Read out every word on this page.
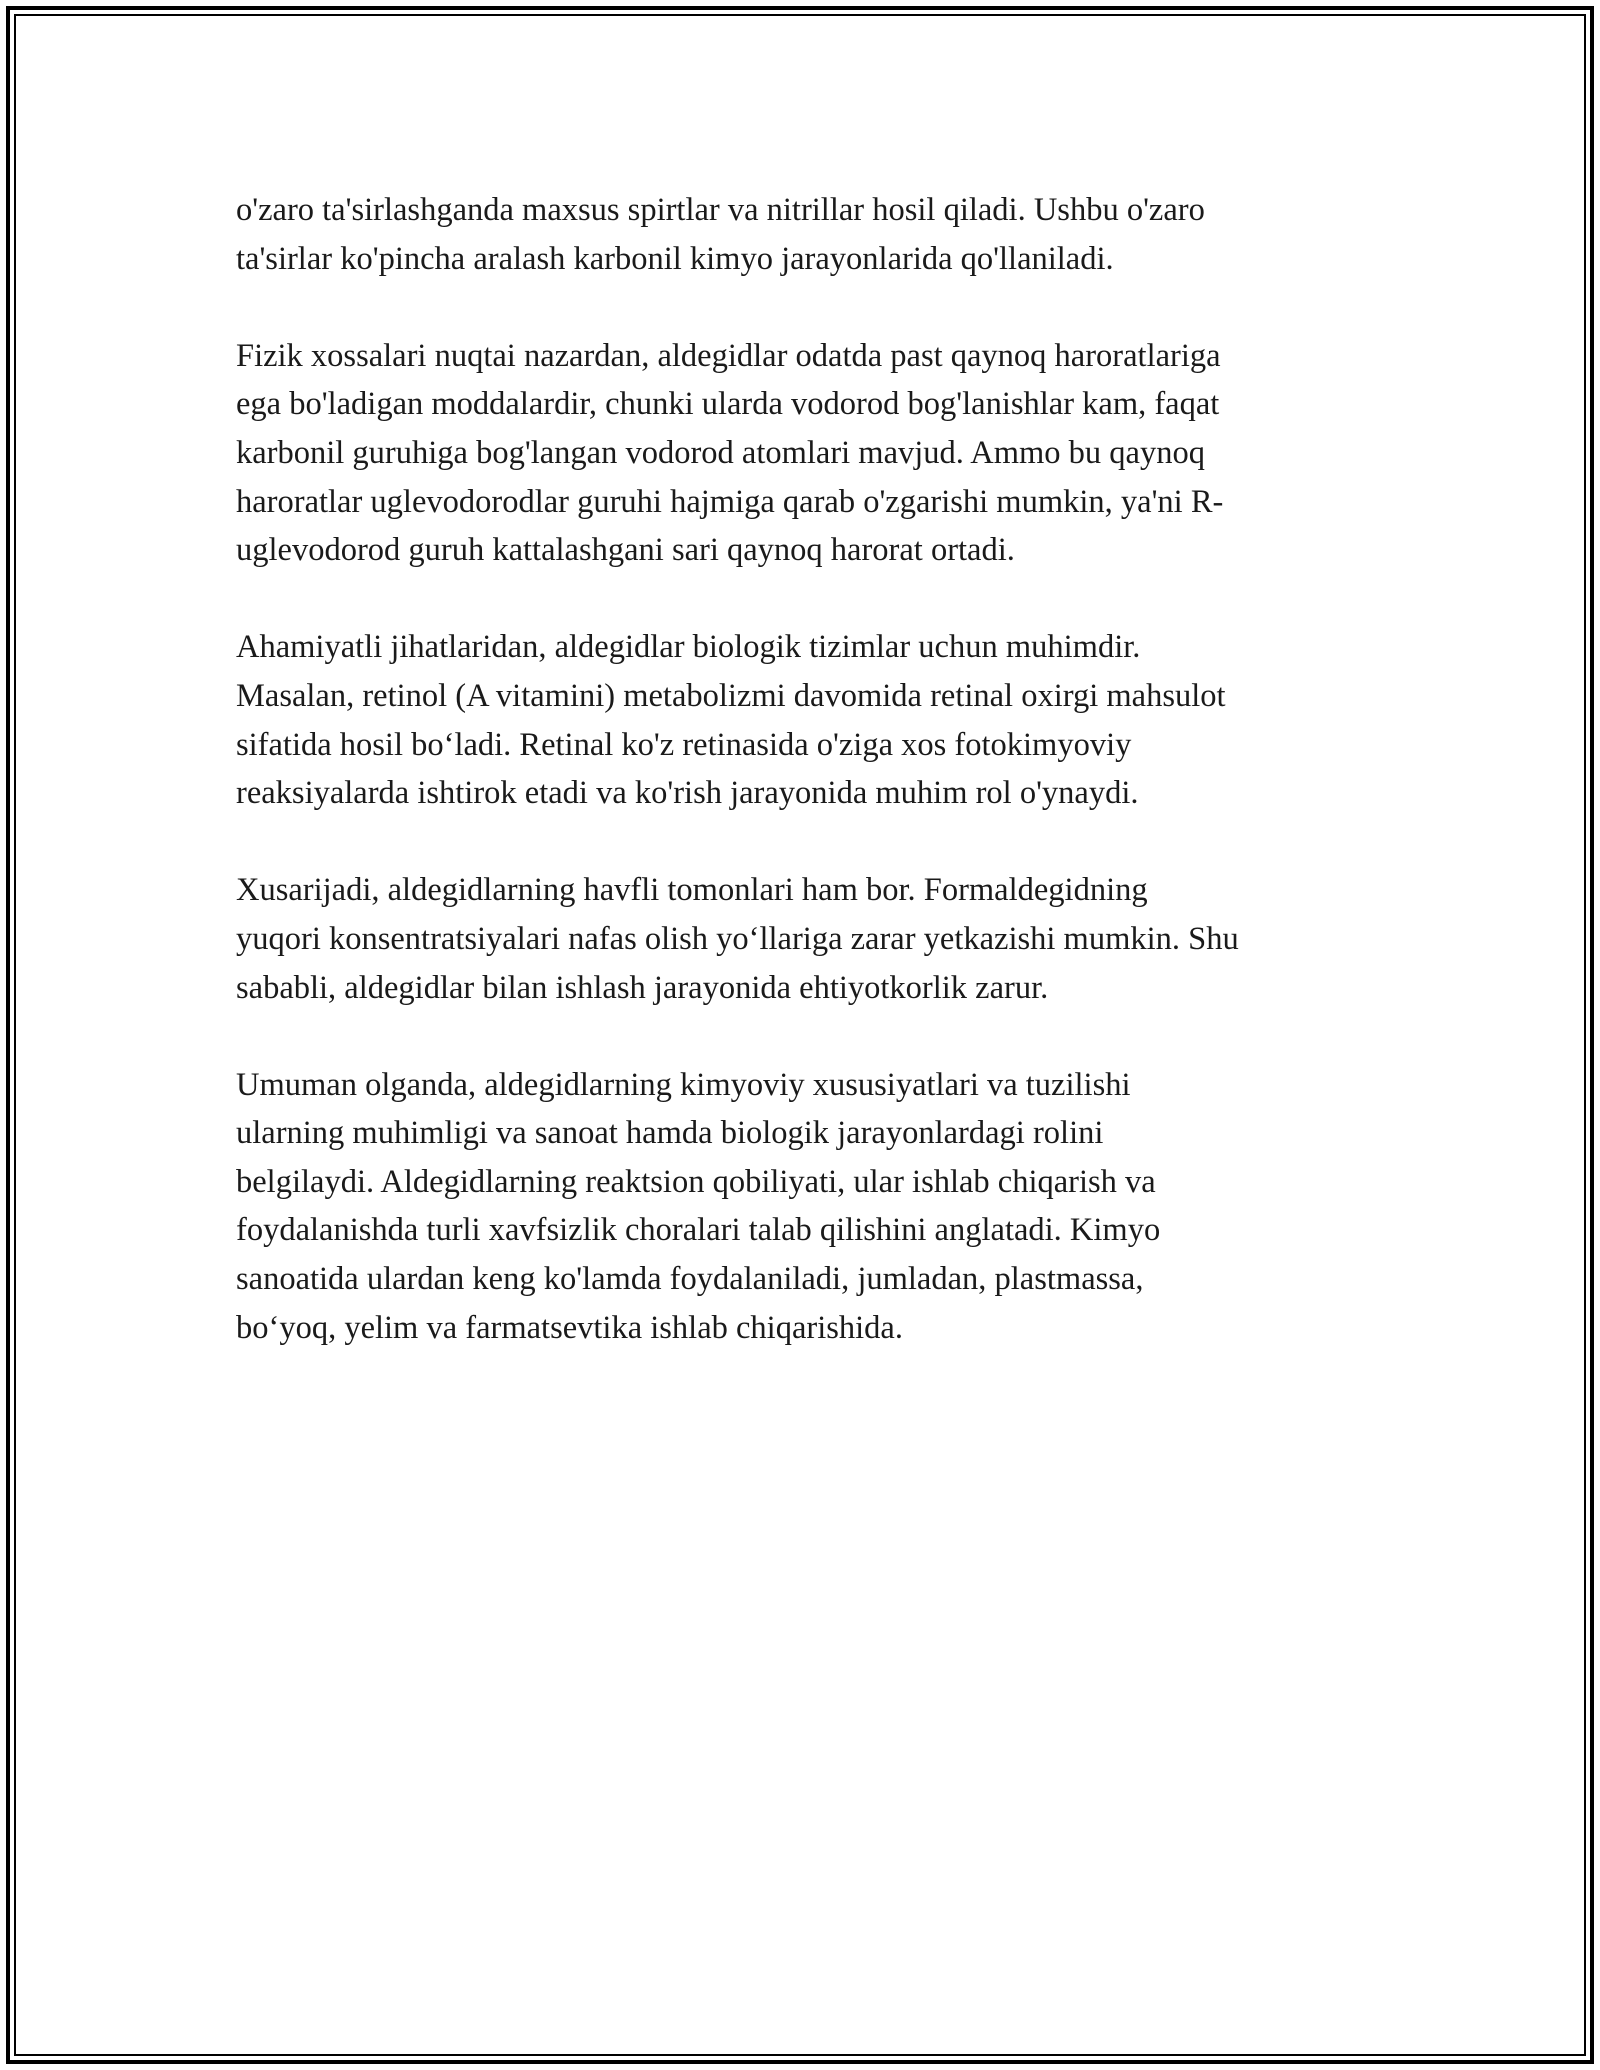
o'zaro ta'sirlashganda maxsus spirtlar va nitrillar hosil qiladi. Ushbu o'zaro
ta'sirlar ko'pincha aralash karbonil kimyo jarayonlarida qo'llaniladi.

Fizik xossalari nuqtai nazardan, aldegidlar odatda past qaynoq haroratlariga
ega bo'ladigan moddalardir, chunki ularda vodorod bog'lanishlar kam, faqat
karbonil guruhiga bog'langan vodorod atomlari mavjud. Ammo bu qaynoq
haroratlar uglevodorodlar guruhi hajmiga qarab o'zgarishi mumkin, ya'ni R-
uglevodorod guruh kattalashgani sari qaynoq harorat ortadi.

Ahamiyatli jihatlaridan, aldegidlar biologik tizimlar uchun muhimdir.
Masalan, retinol (A vitamini) metabolizmi davomida retinal oxirgi mahsulot
sifatida hosil bo‘ladi. Retinal ko'z retinasida o'ziga xos fotokimyoviy
reaksiyalarda ishtirok etadi va ko'rish jarayonida muhim rol o'ynaydi.

Xusarijadi, aldegidlarning havfli tomonlari ham bor. Formaldegidning
yuqori konsentratsiyalari nafas olish yo‘llariga zarar yetkazishi mumkin. Shu
sababli, aldegidlar bilan ishlash jarayonida ehtiyotkorlik zarur.

Umuman olganda, aldegidlarning kimyoviy xususiyatlari va tuzilishi
ularning muhimligi va sanoat hamda biologik jarayonlardagi rolini
belgilaydi. Aldegidlarning reaktsion qobiliyati, ular ishlab chiqarish va
foydalanishda turli xavfsizlik choralari talab qilishini anglatadi. Kimyo
sanoatida ulardan keng ko'lamda foydalaniladi, jumladan, plastmassa,
bo‘yoq, yelim va farmatsevtika ishlab chiqarishida.
